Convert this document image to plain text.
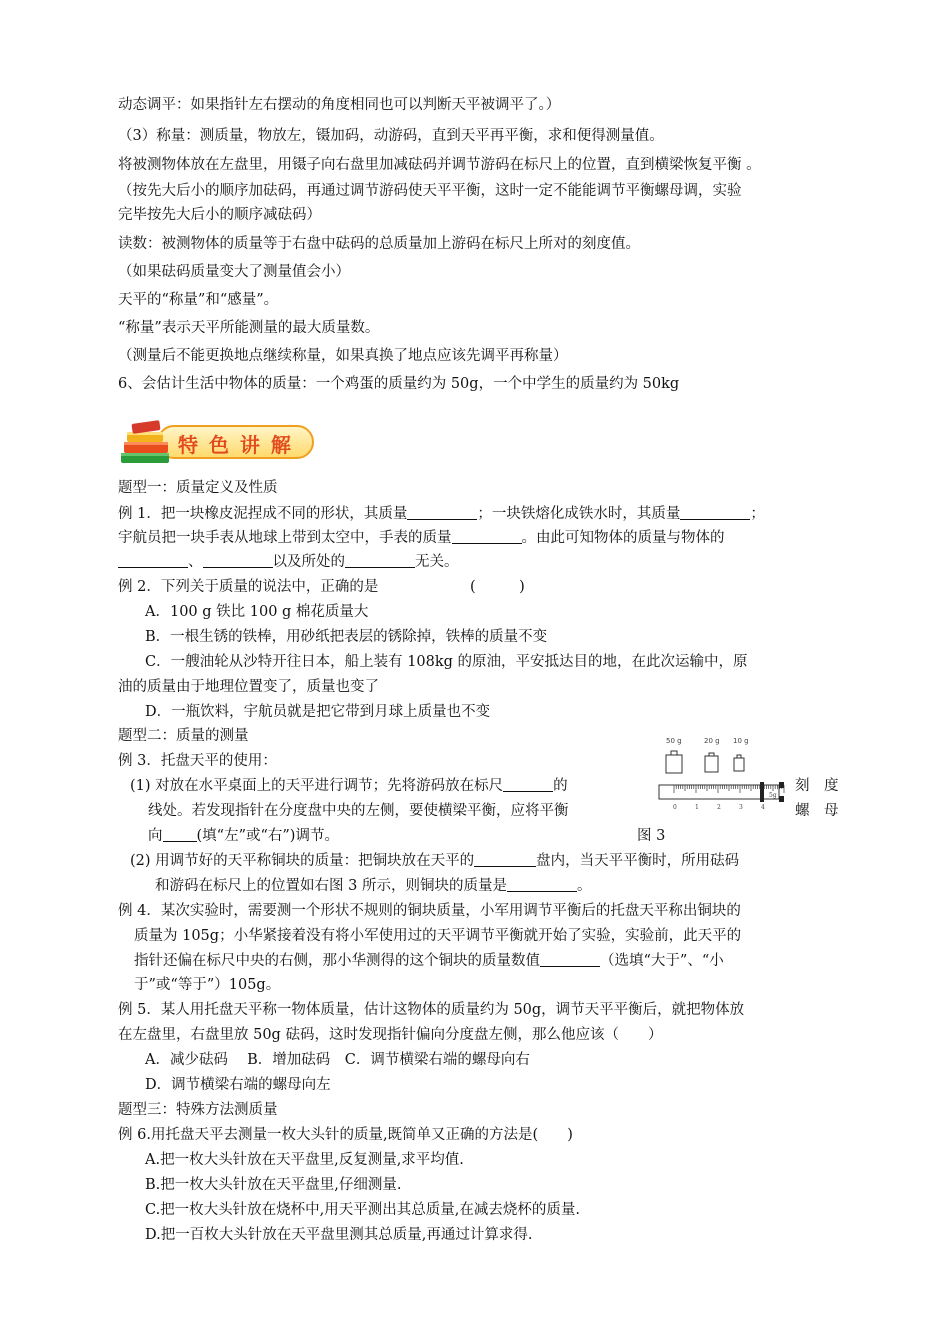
动态调平：如果指针左右摆动的角度相同也可以判断天平被调平了。）
（3）称量：测质量，物放左，镊加码，动游码，直到天平再平衡，求和便得测量值。
将被测物体放在左盘里，用镊子向右盘里加减砝码并调节游码在标尺上的位置，直到横梁恢复平衡 。
（按先大后小的顺序加砝码，再通过调节游码使天平平衡，这时一定不能能调节平衡螺母调，实验
完毕按先大后小的顺序减砝码）
读数：被测物体的质量等于右盘中砝码的总质量加上游码在标尺上所对的刻度值。
（如果砝码质量变大了测量值会小）
天平的“称量”和“感量”。
“称量”表示天平所能测量的最大质量数。
（测量后不能更换地点继续称量，如果真换了地点应该先调平再称量）
6、会估计生活中物体的质量：一个鸡蛋的质量约为 50g，一个中学生的质量约为 50kg
特 色 讲 解
题型一：质量定义及性质
例 1．把一块橡皮泥捏成不同的形状，其质量	；一块铁熔化成铁水时，其质量	；
宇航员把一块手表从地球上带到太空中，手表的质量	。由此可知物体的质量与物体的
、	以及所处的	无关。
例 2．下列关于质量的说法中，正确的是	(　　　)
A．100 g 铁比 100 g 棉花质量大
B．一根生锈的铁棒，用砂纸把表层的锈除掉，铁棒的质量不变
C．一艘油轮从沙特开往日本，船上装有 108kg 的原油，平安抵达目的地，在此次运输中，原
油的质量由于地理位置变了，质量也变了
D．一瓶饮料，宇航员就是把它带到月球上质量也不变
题型二：质量的测量
例 3．托盘天平的使用：
(1) 对放在水平桌面上的天平进行调节；先将游码放在标尺	的	刻　度
线处。若发现指针在分度盘中央的左侧，要使横梁平衡，应将平衡	螺　母
向 (填“左”或“右”)调节。	图 3
50 g	20 g 10 g
0	1	2	3	4
5g
(2) 用调节好的天平称铜块的质量：把铜块放在天平的	盘内，当天平平衡时，所用砝码
和游码在标尺上的位置如右图 3 所示，则铜块的质量是	。
例 4．某次实验时，需要测一个形状不规则的铜块质量，小军用调节平衡后的托盘天平称出铜块的
质量为 105g；小华紧接着没有将小军使用过的天平调节平衡就开始了实验，实验前，此天平的
指针还偏在标尺中央的右侧，那小华测得的这个铜块的质量数值	（选填“大于”、“小
于”或“等于”）105g。
例 5．某人用托盘天平称一物体质量，估计这物体的质量约为 50g，调节天平平衡后，就把物体放
在左盘里，右盘里放 50g 砝码，这时发现指针偏向分度盘左侧，那么他应该（　　）
A．减少砝码　 B．增加砝码　C．调节横梁右端的螺母向右
D．调节横梁右端的螺母向左
题型三：特殊方法测质量
例 6.用托盘天平去测量一枚大头针的质量,既简单又正确的方法是(　　)
A.把一枚大头针放在天平盘里,反复测量,求平均值.
B.把一枚大头针放在天平盘里,仔细测量.
C.把一枚大头针放在烧杯中,用天平测出其总质量,在减去烧杯的质量.
D.把一百枚大头针放在天平盘里测其总质量,再通过计算求得.
